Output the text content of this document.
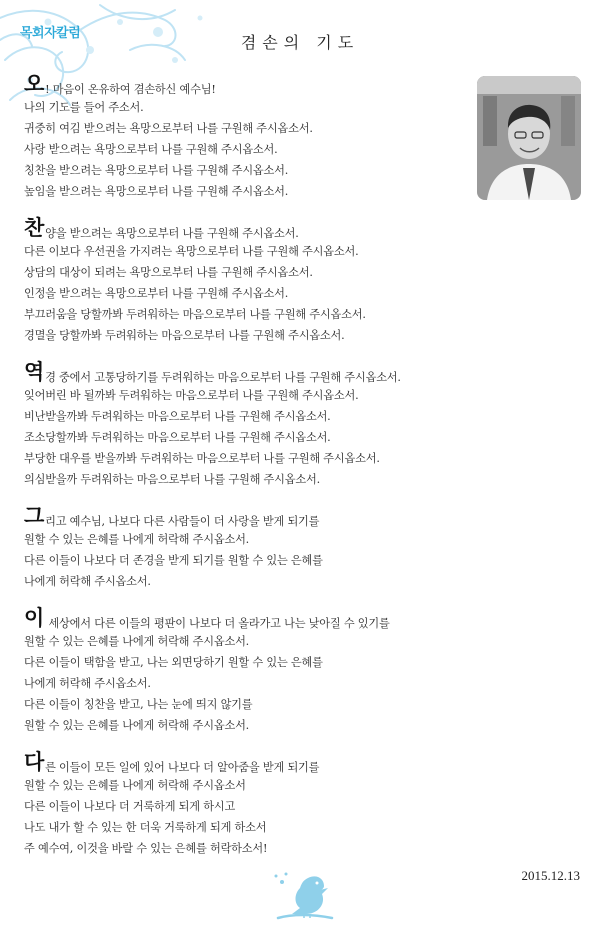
목회자칼럼	겸손의 기도
오! 마음이 온유하여 겸손하신 예수님!
나의 기도를 들어 주소서.
귀중히 여김 받으려는 욕망으로부터 나를 구원해 주시옵소서.
사랑 받으려는 욕망으로부터 나를 구원해 주시옵소서.
칭찬을 받으려는 욕망으로부터 나를 구원해 주시옵소서.
높임을 받으려는 욕망으로부터 나를 구원해 주시옵소서.
찬양을 받으려는 욕망으로부터 나를 구원해 주시옵소서.
다른 이보다 우선권을 가지려는 욕망으로부터 나를 구원해 주시옵소서.
상담의 대상이 되려는 욕망으로부터 나를 구원해 주시옵소서.
인정을 받으려는 욕망으로부터 나를 구원해 주시옵소서.
부끄러움을 당할까봐 두려워하는 마음으로부터 나를 구원해 주시옵소서.
경멸을 당할까봐 두려워하는 마음으로부터 나를 구원해 주시옵소서.
역경 중에서 고통당하기를 두려워하는 마음으로부터 나를 구원해 주시옵소서.
잊어버린 바 될까봐 두려워하는 마음으로부터 나를 구원해 주시옵소서.
비난받을까봐 두려워하는 마음으로부터 나를 구원해 주시옵소서.
조소당할까봐 두려워하는 마음으로부터 나를 구원해 주시옵소서.
부당한 대우를 받을까봐 두려워하는 마음으로부터 나를 구원해 주시옵소서.
의심받을까 두려워하는 마음으로부터 나를 구원해 주시옵소서.
그리고 예수님, 나보다 다른 사람들이 더 사랑을 받게 되기를
원할 수 있는 은혜를 나에게 허락해 주시옵소서.
다른 이들이 나보다 더 존경을 받게 되기를 원할 수 있는 은혜를
나에게 허락해 주시옵소서.
이 세상에서 다른 이들의 평판이 나보다 더 올라가고 나는 낮아질 수 있기를
원할 수 있는 은혜를 나에게 허락해 주시옵소서.
다른 이들이 택함을 받고, 나는 외면당하기 원할 수 있는 은혜를
나에게 허락해 주시옵소서.
다른 이들이 칭찬을 받고, 나는 눈에 띄지 않기를
원할 수 있는 은혜를 나에게 허락해 주시옵소서.
다른 이들이 모든 일에 있어 나보다 더 알아줌을 받게 되기를
원할 수 있는 은혜를 나에게 허락해 주시옵소서
다른 이들이 나보다 더 거룩하게 되게 하시고
나도 내가 할 수 있는 한 더욱 거룩하게 되게 하소서
주 예수여, 이것을 바랄 수 있는 은혜를 허락하소서!
2015.12.13
